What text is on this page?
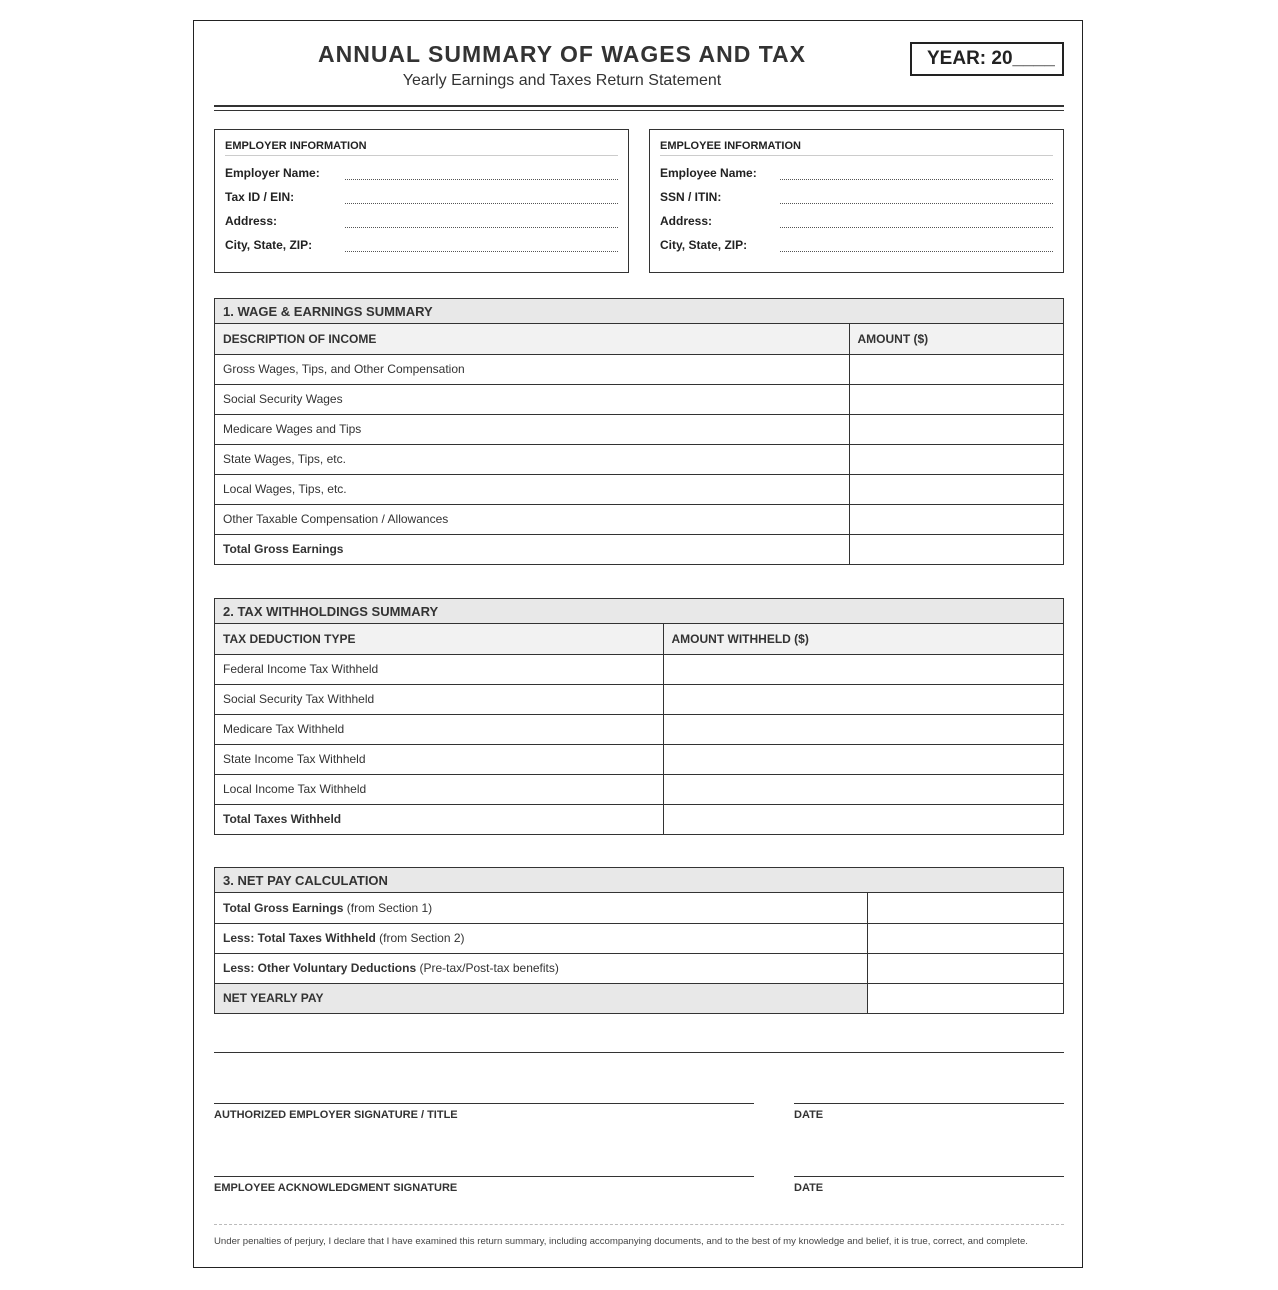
ANNUAL SUMMARY OF WAGES AND TAX
Yearly Earnings and Taxes Return Statement
YEAR: 20____
EMPLOYER INFORMATION
Employer Name:
Tax ID / EIN:
Address:
City, State, ZIP:
EMPLOYEE INFORMATION
Employee Name:
SSN / ITIN:
Address:
City, State, ZIP:
1. WAGE & EARNINGS SUMMARY
DESCRIPTION OF INCOME	AMOUNT ($)
Gross Wages, Tips, and Other Compensation	
Social Security Wages	
Medicare Wages and Tips	
State Wages, Tips, etc.	
Local Wages, Tips, etc.	
Other Taxable Compensation / Allowances	
Total Gross Earnings	
2. TAX WITHHOLDINGS SUMMARY
TAX DEDUCTION TYPE	AMOUNT WITHHELD ($)
Federal Income Tax Withheld	
Social Security Tax Withheld	
Medicare Tax Withheld	
State Income Tax Withheld	
Local Income Tax Withheld	
Total Taxes Withheld	
3. NET PAY CALCULATION
Total Gross Earnings (from Section 1)	
Less: Total Taxes Withheld (from Section 2)	
Less: Other Voluntary Deductions (Pre-tax/Post-tax benefits)	
NET YEARLY PAY	
AUTHORIZED EMPLOYER SIGNATURE / TITLE	DATE
EMPLOYEE ACKNOWLEDGMENT SIGNATURE	DATE
Under penalties of perjury, I declare that I have examined this return summary, including accompanying documents, and to the best of my knowledge and belief, it is true, correct, and complete.
